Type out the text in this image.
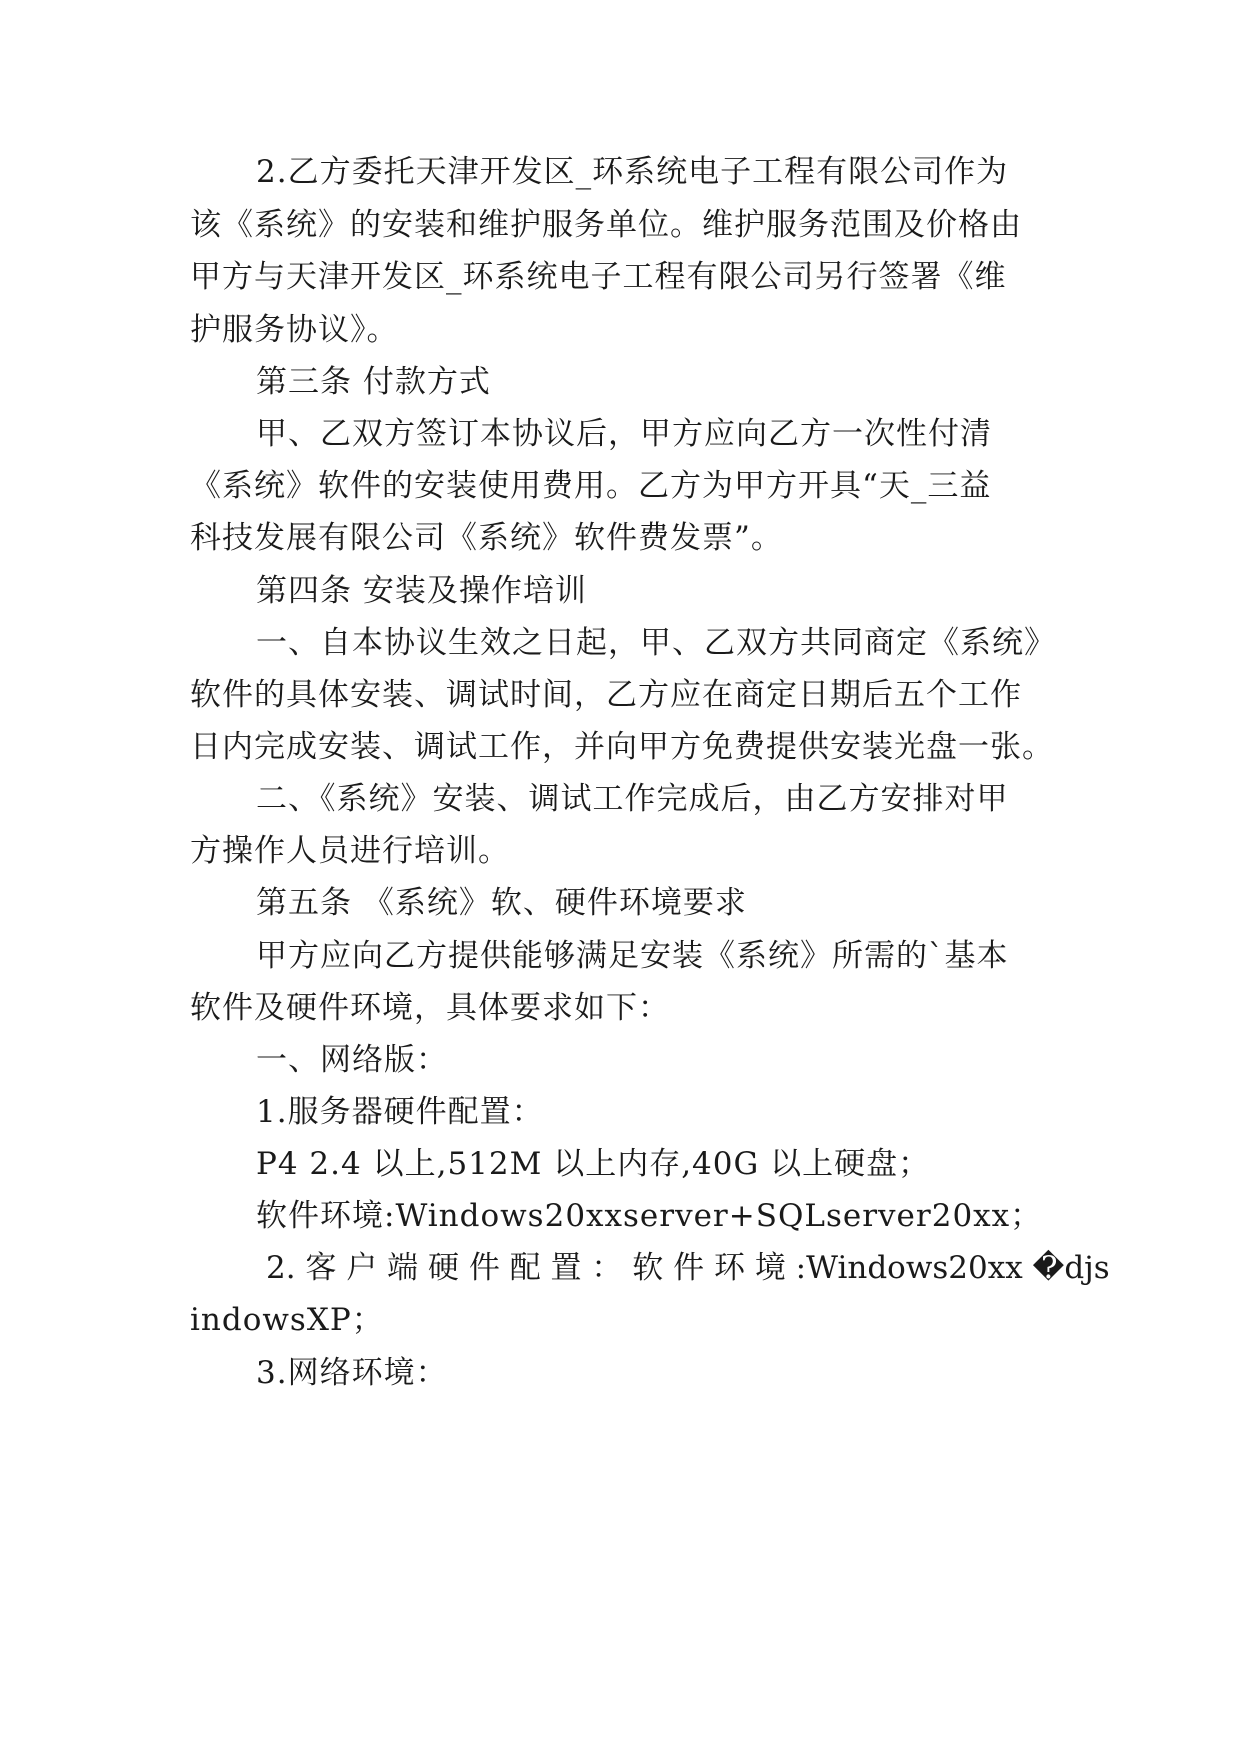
2.乙方委托天津开发区_环系统电子工程有限公司作为
该《系统》的安装和维护服务单位。维护服务范围及价格由
甲方与天津开发区_环系统电子工程有限公司另行签署《维
护服务协议》。
第三条 付款方式
甲、乙双方签订本协议后，甲方应向乙方一次性付清
《系统》软件的安装使用费用。乙方为甲方开具“天_三益
科技发展有限公司《系统》软件费发票”。
第四条 安装及操作培训
一、自本协议生效之日起，甲、乙双方共同商定《系统》
软件的具体安装、调试时间，乙方应在商定日期后五个工作
日内完成安装、调试工作，并向甲方免费提供安装光盘一张。
二、《系统》安装、调试工作完成后，由乙方安排对甲
方操作人员进行培训。
第五条 《系统》软、硬件环境要求
甲方应向乙方提供能够满足安装《系统》所需的`基本
软件及硬件环境，具体要求如下：
一、网络版：
1.服务器硬件配置：
P4 2.4 以上,512M 以上内存,40G 以上硬盘；
软件环境:Windows20xxserver+SQLserver20xx；
2. 客 户 端 硬 件 配 置 ： 软 件 环 境 :Windows20xx �djs
indowsXP；
3.网络环境：
